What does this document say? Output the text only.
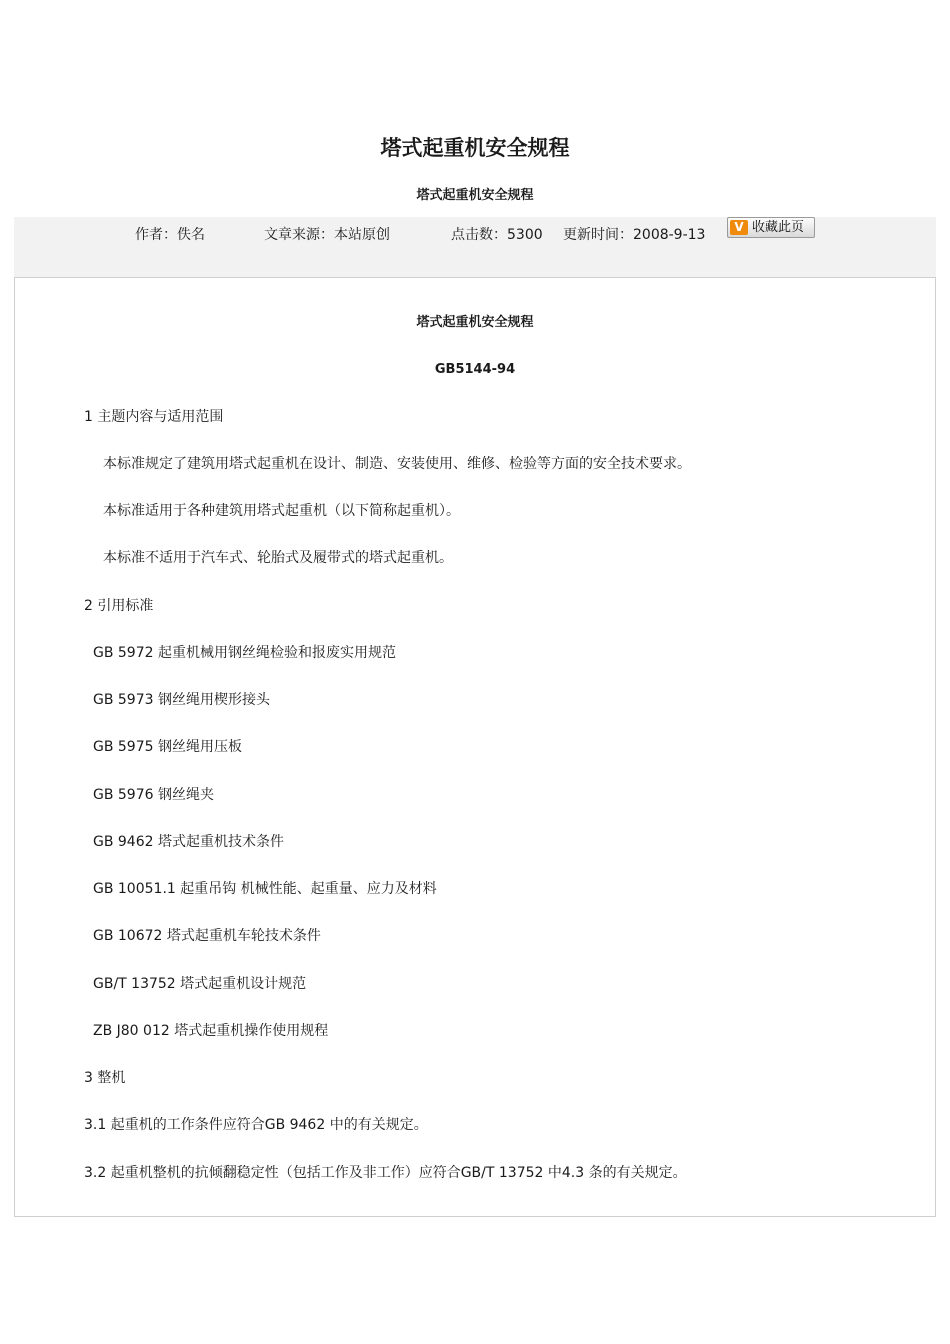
塔式起重机安全规程
塔式起重机安全规程
作者：佚名	文章来源：本站原创	点击数：5300 更新时间：2008-9-13	V 收藏此页
塔式起重机安全规程
GB5144-94
1 主题内容与适用范围
本标准规定了建筑用塔式起重机在设计、制造、安装使用、维修、检验等方面的安全技术要求。
本标准适用于各种建筑用塔式起重机（以下简称起重机）。
本标准不适用于汽车式、轮胎式及履带式的塔式起重机。
2 引用标准
GB 5972 起重机械用钢丝绳检验和报废实用规范
GB 5973 钢丝绳用楔形接头
GB 5975 钢丝绳用压板
GB 5976 钢丝绳夹
GB 9462 塔式起重机技术条件
GB 10051.1 起重吊钩 机械性能、起重量、应力及材料
GB 10672 塔式起重机车轮技术条件
GB/T 13752 塔式起重机设计规范
ZB J80 012 塔式起重机操作使用规程
3 整机
3.1 起重机的工作条件应符合GB 9462 中的有关规定。
3.2 起重机整机的抗倾翻稳定性（包括工作及非工作）应符合GB/T 13752 中4.3 条的有关规定。
